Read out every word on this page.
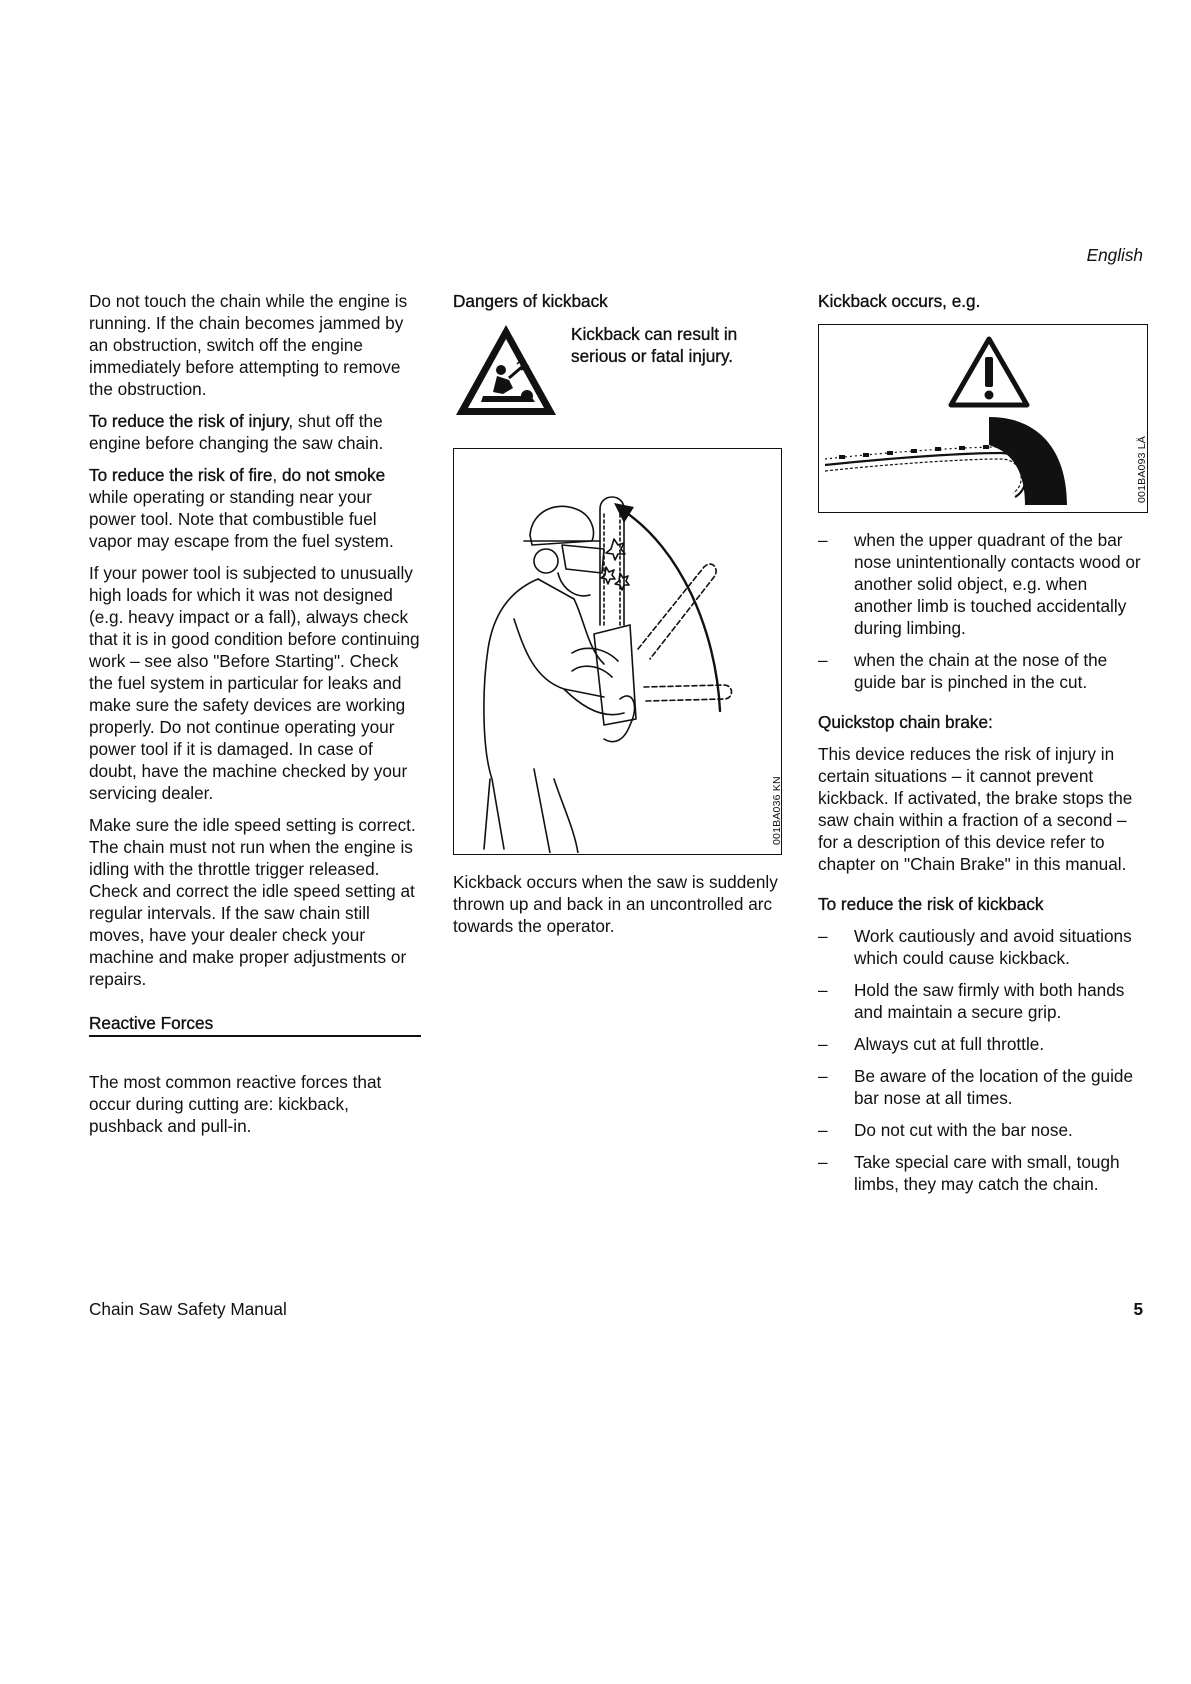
English

Do not touch the chain while the engine is running. If the chain becomes jammed by an obstruction, switch off the engine immediately before attempting to remove the obstruction.

To reduce the risk of injury, shut off the engine before changing the saw chain.

To reduce the risk of fire, do not smoke while operating or standing near your power tool. Note that combustible fuel vapor may escape from the fuel system.

If your power tool is subjected to unusually high loads for which it was not designed (e.g. heavy impact or a fall), always check that it is in good condition before continuing work – see also "Before Starting". Check the fuel system in particular for leaks and make sure the safety devices are working properly. Do not continue operating your power tool if it is damaged. In case of doubt, have the machine checked by your servicing dealer.

Make sure the idle speed setting is correct. The chain must not run when the engine is idling with the throttle trigger released. Check and correct the idle speed setting at regular intervals. If the saw chain still moves, have your dealer check your machine and make proper adjustments or repairs.

Reactive Forces

The most common reactive forces that occur during cutting are: kickback, pushback and pull-in.

Dangers of kickback
Kickback can result in serious or fatal injury.
001BA036 KN

Kickback occurs when the saw is suddenly thrown up and back in an uncontrolled arc towards the operator.

Kickback occurs, e.g.
001BA093 LÄ
– when the upper quadrant of the bar nose unintentionally contacts wood or another solid object, e.g. when another limb is touched accidentally during limbing.
– when the chain at the nose of the guide bar is pinched in the cut.
Quickstop chain brake:

This device reduces the risk of injury in certain situations – it cannot prevent kickback. If activated, the brake stops the saw chain within a fraction of a second – for a description of this device refer to chapter on "Chain Brake" in this manual.

To reduce the risk of kickback
– Work cautiously and avoid situations which could cause kickback.
– Hold the saw firmly with both hands and maintain a secure grip.
– Always cut at full throttle.
– Be aware of the location of the guide bar nose at all times.
– Do not cut with the bar nose.
– Take special care with small, tough limbs, they may catch the chain.
Chain Saw Safety Manual	5
